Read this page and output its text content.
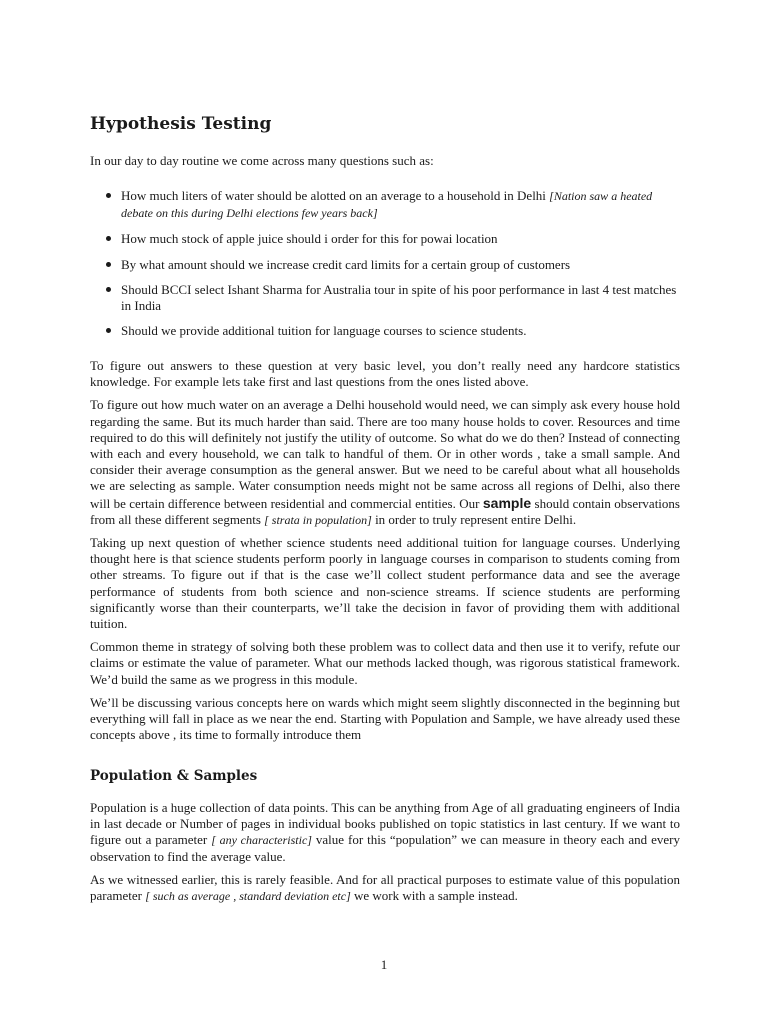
Hypothesis Testing
In our day to day routine we come across many questions such as:
How much liters of water should be alotted on an average to a household in Delhi [Nation saw a heated debate on this during Delhi elections few years back]
How much stock of apple juice should i order for this for powai location
By what amount should we increase credit card limits for a certain group of customers
Should BCCI select Ishant Sharma for Australia tour in spite of his poor performance in last 4 test matches in India
Should we provide additional tuition for language courses to science students.

To figure out answers to these question at very basic level, you don’t really need any hardcore statistics knowledge. For example lets take first and last questions from the ones listed above.

To figure out how much water on an average a Delhi household would need, we can simply ask every house hold regarding the same. But its much harder than said. There are too many house holds to cover. Resources and time required to do this will definitely not justify the utility of outcome. So what do we do then? Instead of connecting with each and every household, we can talk to handful of them. Or in other words , take a small sample. And consider their average consumption as the general answer. But we need to be careful about what all households we are selecting as sample. Water consumption needs might not be same across all regions of Delhi, also there will be certain difference between residential and commercial entities. Our sample should contain observations from all these different segments [ strata in population] in order to truly represent entire Delhi.

Taking up next question of whether science students need additional tuition for language courses. Underlying thought here is that science students perform poorly in language courses in comparison to students coming from other streams. To figure out if that is the case we’ll collect student performance data and see the average performance of students from both science and non-science streams. If science students are performing significantly worse than their counterparts, we’ll take the decision in favor of providing them with additional tuition.

Common theme in strategy of solving both these problem was to collect data and then use it to verify, refute our claims or estimate the value of parameter. What our methods lacked though, was rigorous statistical framework. We’d build the same as we progress in this module.

We’ll be discussing various concepts here on wards which might seem slightly disconnected in the beginning but everything will fall in place as we near the end. Starting with Population and Sample, we have already used these concepts above , its time to formally introduce them

Population & Samples

Population is a huge collection of data points. This can be anything from Age of all graduating engineers of India in last decade or Number of pages in individual books published on topic statistics in last century. If we want to figure out a parameter [ any characteristic] value for this “population” we can measure in theory each and every observation to find the average value.

As we witnessed earlier, this is rarely feasible. And for all practical purposes to estimate value of this population parameter [ such as average , standard deviation etc] we work with a sample instead.

1
